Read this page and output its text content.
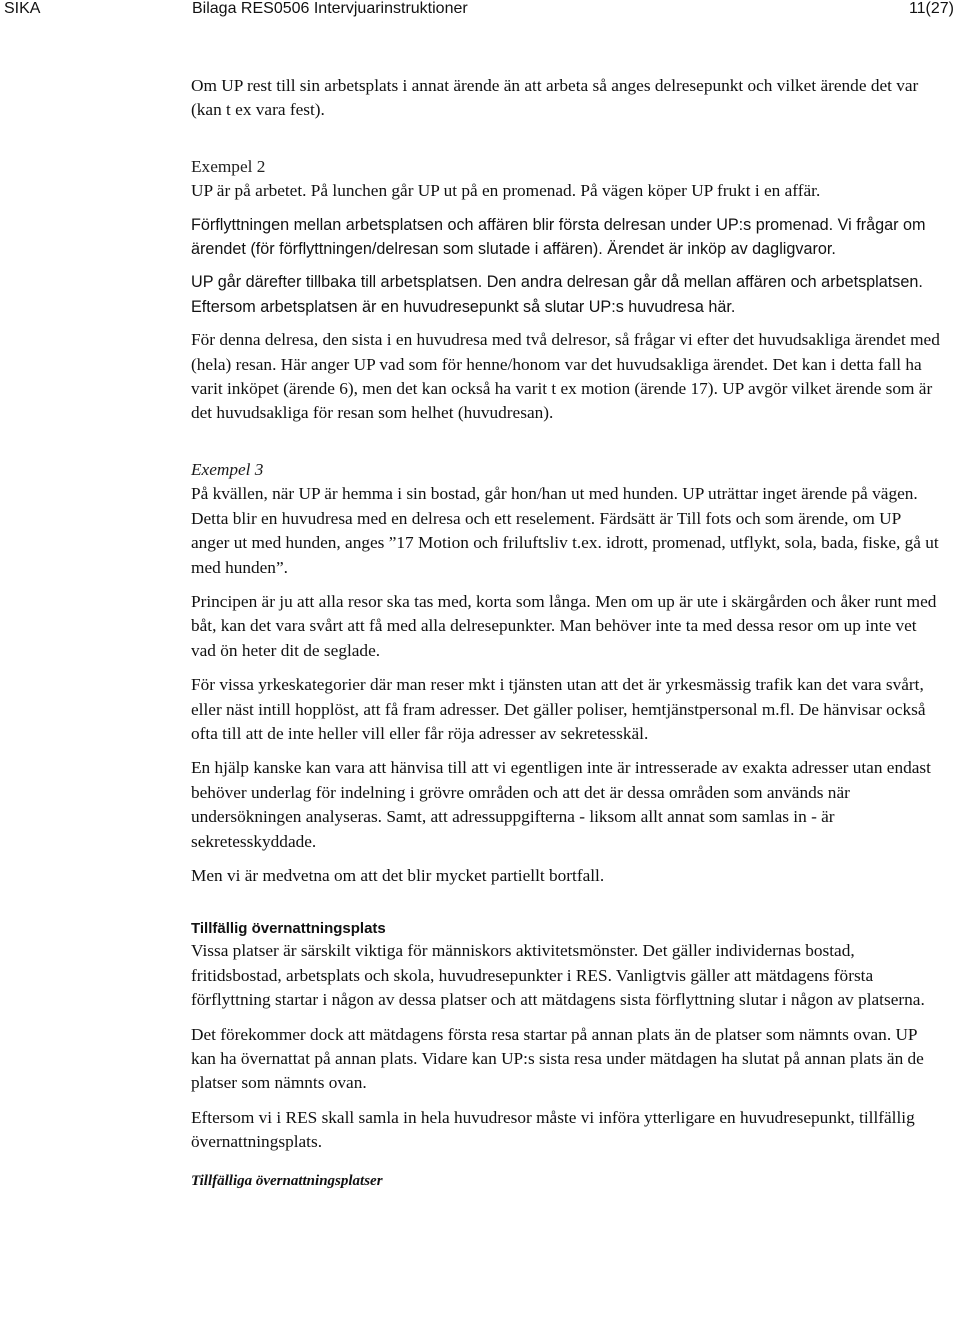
SIKA	Bilaga RES0506 Intervjuarinstruktioner	11(27)

Om UP rest till sin arbetsplats i annat ärende än att arbeta så anges delresepunkt och vilket ärende det var (kan t ex vara fest).

Exempel 2

UP är på arbetet. På lunchen går UP ut på en promenad. På vägen köper UP frukt i en affär.

Förflyttningen mellan arbetsplatsen och affären blir första delresan under UP:s promenad. Vi frågar om ärendet (för förflyttningen/delresan som slutade i affären). Ärendet är inköp av dagligvaror.

UP går därefter tillbaka till arbetsplatsen. Den andra delresan går då mellan affären och arbetsplatsen. Eftersom arbetsplatsen är en huvudresepunkt så slutar UP:s huvudresa här.

För denna delresa, den sista i en huvudresa med två delresor, så frågar vi efter det huvudsakliga ärendet med (hela) resan. Här anger UP vad som för henne/honom var det huvudsakliga ärendet. Det kan i detta fall ha varit inköpet (ärende 6), men det kan också ha varit t ex motion (ärende 17). UP avgör vilket ärende som är det huvudsakliga för resan som helhet (huvudresan).

Exempel 3

På kvällen, när UP är hemma i sin bostad, går hon/han ut med hunden. UP uträttar inget ärende på vägen. Detta blir en huvudresa med en delresa och ett reselement. Färdsätt är Till fots och som ärende, om UP anger ut med hunden, anges ”17 Motion och friluftsliv t.ex. idrott, promenad, utflykt, sola, bada, fiske, gå ut med hunden”.

Principen är ju att alla resor ska tas med, korta som långa. Men om up är ute i skärgården och åker runt med båt, kan det vara svårt att få med alla delresepunkter. Man behöver inte ta med dessa resor om up inte vet vad ön heter dit de seglade.

För vissa yrkeskategorier där man reser mkt i tjänsten utan att det är yrkesmässig trafik kan det vara svårt, eller näst intill hopplöst, att få fram adresser. Det gäller poliser, hemtjänstpersonal m.fl. De hänvisar också ofta till att de inte heller vill eller får röja adresser av sekretesskäl.

En hjälp kanske kan vara att hänvisa till att vi egentligen inte är intresserade av exakta adresser utan endast behöver underlag för indelning i grövre områden och att det är dessa områden som används när undersökningen analyseras. Samt, att adressuppgifterna - liksom allt annat som samlas in - är sekretesskyddade.

Men vi är medvetna om att det blir mycket partiellt bortfall.

Tillfällig övernattningsplats

Vissa platser är särskilt viktiga för människors aktivitetsmönster. Det gäller individernas bostad, fritidsbostad, arbetsplats och skola, huvudresepunkter i RES. Vanligtvis gäller att mätdagens första förflyttning startar i någon av dessa platser och att mätdagens sista förflyttning slutar i någon av platserna.

Det förekommer dock att mätdagens första resa startar på annan plats än de platser som nämnts ovan. UP kan ha övernattat på annan plats. Vidare kan UP:s sista resa under mätdagen ha slutat på annan plats än de platser som nämnts ovan.

Eftersom vi i RES skall samla in hela huvudresor måste vi införa ytterligare en huvudresepunkt, tillfällig övernattningsplats.

Tillfälliga övernattningsplatser
